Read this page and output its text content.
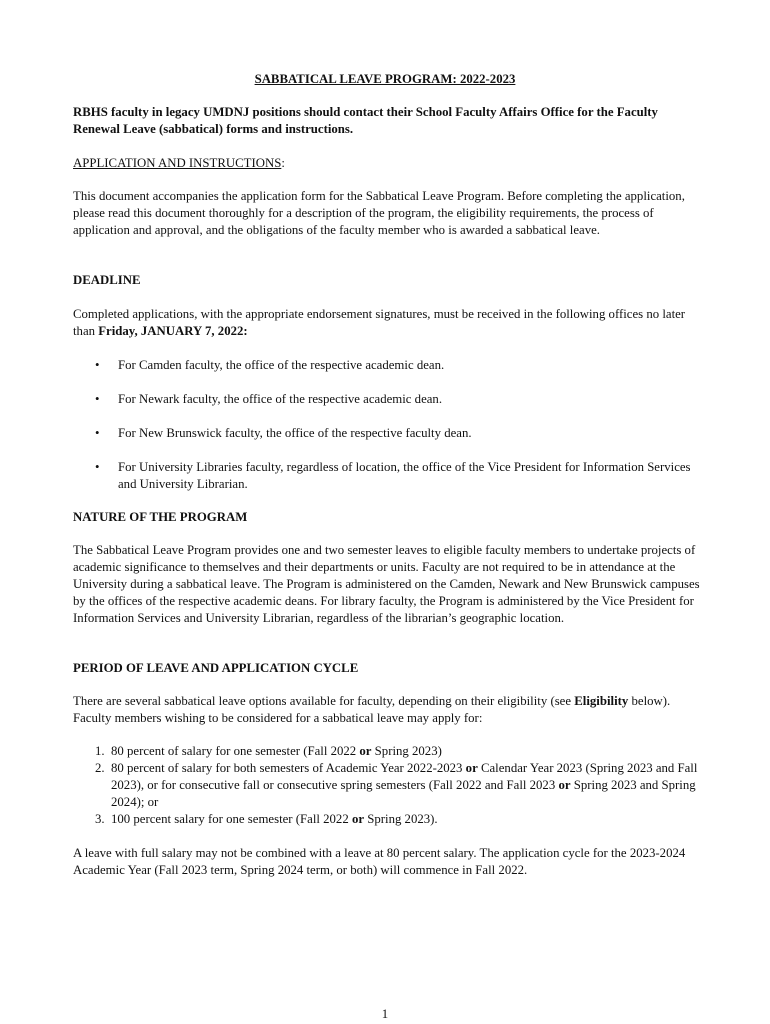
SABBATICAL LEAVE PROGRAM: 2022-2023
RBHS faculty in legacy UMDNJ positions should contact their School Faculty Affairs Office for the Faculty Renewal Leave (sabbatical) forms and instructions.
APPLICATION AND INSTRUCTIONS:
This document accompanies the application form for the Sabbatical Leave Program. Before completing the application, please read this document thoroughly for a description of the program, the eligibility requirements, the process of application and approval, and the obligations of the faculty member who is awarded a sabbatical leave.
DEADLINE
Completed applications, with the appropriate endorsement signatures, must be received in the following offices no later than Friday, JANUARY 7, 2022:
• For Camden faculty, the office of the respective academic dean.
• For Newark faculty, the office of the respective academic dean.
• For New Brunswick faculty, the office of the respective faculty dean.
• For University Libraries faculty, regardless of location, the office of the Vice President for Information Services and University Librarian.
NATURE OF THE PROGRAM
The Sabbatical Leave Program provides one and two semester leaves to eligible faculty members to undertake projects of academic significance to themselves and their departments or units. Faculty are not required to be in attendance at the University during a sabbatical leave. The Program is administered on the Camden, Newark and New Brunswick campuses by the offices of the respective academic deans. For library faculty, the Program is administered by the Vice President for Information Services and University Librarian, regardless of the librarian’s geographic location.
PERIOD OF LEAVE AND APPLICATION CYCLE
There are several sabbatical leave options available for faculty, depending on their eligibility (see Eligibility below). Faculty members wishing to be considered for a sabbatical leave may apply for:
1. 80 percent of salary for one semester (Fall 2022 or Spring 2023)
2. 80 percent of salary for both semesters of Academic Year 2022-2023 or Calendar Year 2023 (Spring 2023 and Fall 2023), or for consecutive fall or consecutive spring semesters (Fall 2022 and Fall 2023 or Spring 2023 and Spring 2024); or
3. 100 percent salary for one semester (Fall 2022 or Spring 2023).
A leave with full salary may not be combined with a leave at 80 percent salary. The application cycle for the 2023-2024 Academic Year (Fall 2023 term, Spring 2024 term, or both) will commence in Fall 2022.
1
